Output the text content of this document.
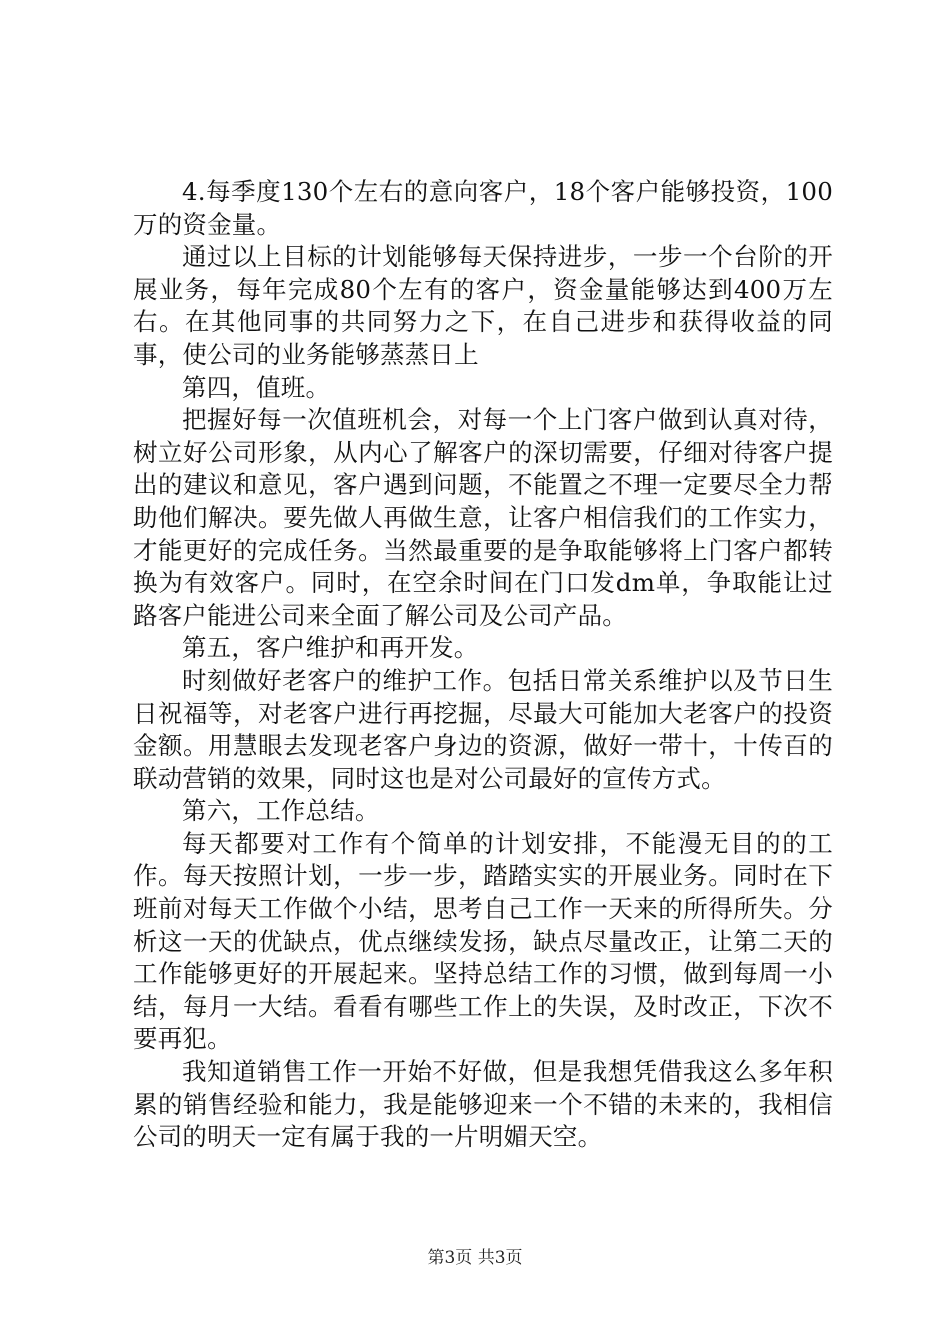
4.每季度130个左右的意向客户，18个客户能够投资，100万的资金量。

通过以上目标的计划能够每天保持进步，一步一个台阶的开展业务，每年完成80个左有的客户，资金量能够达到400万左右。在其他同事的共同努力之下，在自己进步和获得收益的同事，使公司的业务能够蒸蒸日上

第四，值班。

把握好每一次值班机会，对每一个上门客户做到认真对待，树立好公司形象，从内心了解客户的深切需要，仔细对待客户提出的建议和意见，客户遇到问题，不能置之不理一定要尽全力帮助他们解决。要先做人再做生意，让客户相信我们的工作实力，才能更好的完成任务。当然最重要的是争取能够将上门客户都转换为有效客户。同时，在空余时间在门口发dm单，争取能让过路客户能进公司来全面了解公司及公司产品。

第五，客户维护和再开发。

时刻做好老客户的维护工作。包括日常关系维护以及节日生日祝福等，对老客户进行再挖掘，尽最大可能加大老客户的投资金额。用慧眼去发现老客户身边的资源，做好一带十，十传百的联动营销的效果，同时这也是对公司最好的宣传方式。

第六，工作总结。

每天都要对工作有个简单的计划安排，不能漫无目的的工作。每天按照计划，一步一步，踏踏实实的开展业务。同时在下班前对每天工作做个小结，思考自己工作一天来的所得所失。分析这一天的优缺点，优点继续发扬，缺点尽量改正，让第二天的工作能够更好的开展起来。坚持总结工作的习惯，做到每周一小结，每月一大结。看看有哪些工作上的失误，及时改正，下次不要再犯。

我知道销售工作一开始不好做，但是我想凭借我这么多年积累的销售经验和能力，我是能够迎来一个不错的未来的，我相信公司的明天一定有属于我的一片明媚天空。

第3页 共3页
